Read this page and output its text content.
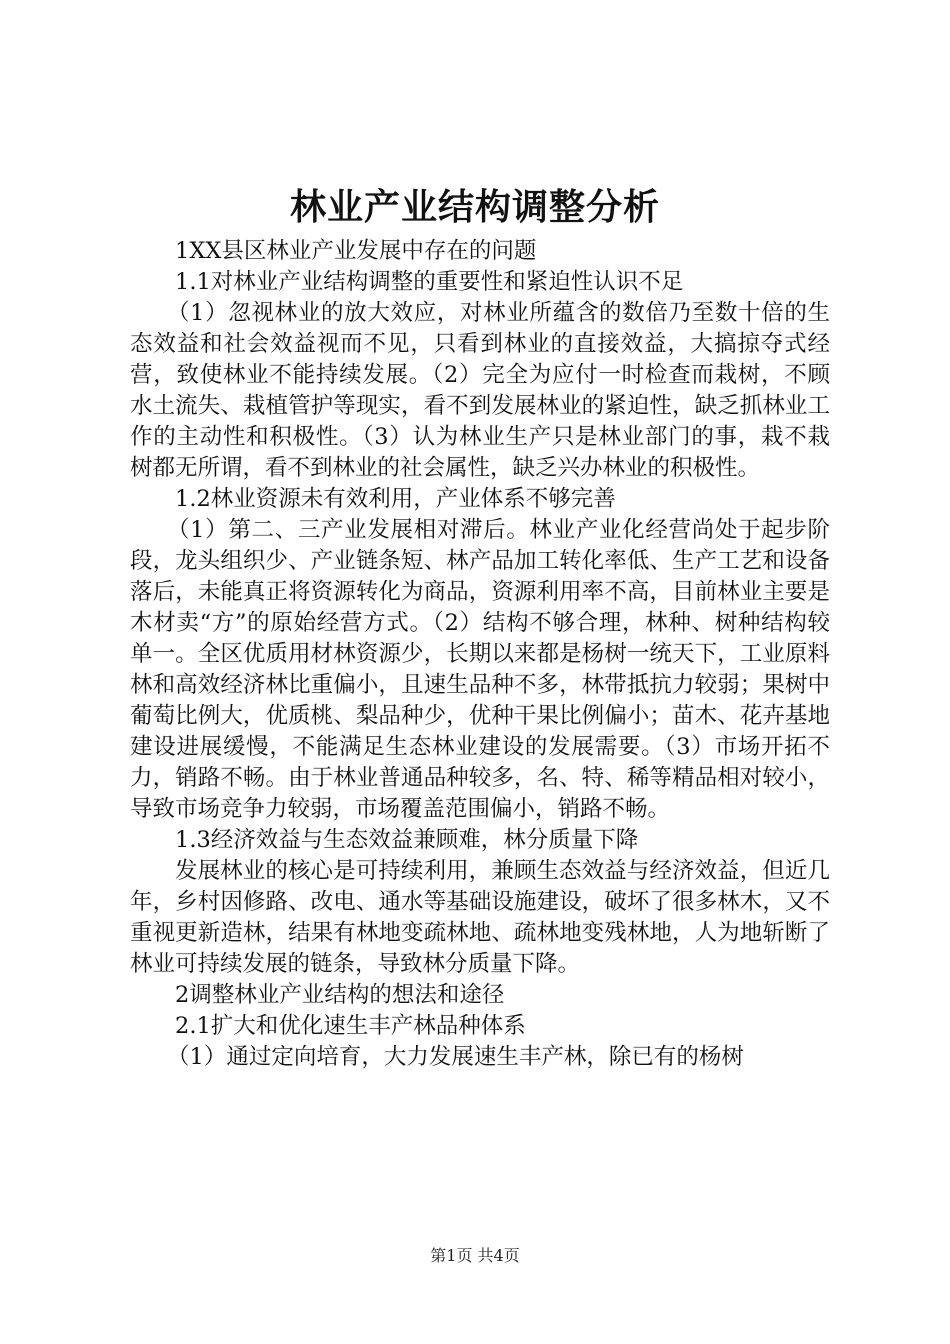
林业产业结构调整分析

1XX县区林业产业发展中存在的问题

1.1对林业产业结构调整的重要性和紧迫性认识不足

（1）忽视林业的放大效应，对林业所蕴含的数倍乃至数十倍的生态效益和社会效益视而不见，只看到林业的直接效益，大搞掠夺式经营，致使林业不能持续发展。（2）完全为应付一时检查而栽树，不顾水土流失、栽植管护等现实，看不到发展林业的紧迫性，缺乏抓林业工作的主动性和积极性。（3）认为林业生产只是林业部门的事，栽不栽树都无所谓，看不到林业的社会属性，缺乏兴办林业的积极性。

1.2林业资源未有效利用，产业体系不够完善

（1）第二、三产业发展相对滞后。林业产业化经营尚处于起步阶段，龙头组织少、产业链条短、林产品加工转化率低、生产工艺和设备落后，未能真正将资源转化为商品，资源利用率不高，目前林业主要是木材卖“方”的原始经营方式。（2）结构不够合理，林种、树种结构较单一。全区优质用材林资源少，长期以来都是杨树一统天下，工业原料林和高效经济林比重偏小，且速生品种不多，林带抵抗力较弱；果树中葡萄比例大，优质桃、梨品种少，优种干果比例偏小；苗木、花卉基地建设进展缓慢，不能满足生态林业建设的发展需要。（3）市场开拓不力，销路不畅。由于林业普通品种较多，名、特、稀等精品相对较小，导致市场竞争力较弱，市场覆盖范围偏小，销路不畅。

1.3经济效益与生态效益兼顾难，林分质量下降

发展林业的核心是可持续利用，兼顾生态效益与经济效益，但近几年，乡村因修路、改电、通水等基础设施建设，破坏了很多林木，又不重视更新造林，结果有林地变疏林地、疏林地变残林地，人为地斩断了林业可持续发展的链条，导致林分质量下降。

2调整林业产业结构的想法和途径

2.1扩大和优化速生丰产林品种体系

（1）通过定向培育，大力发展速生丰产林，除已有的杨树

第1页 共4页
